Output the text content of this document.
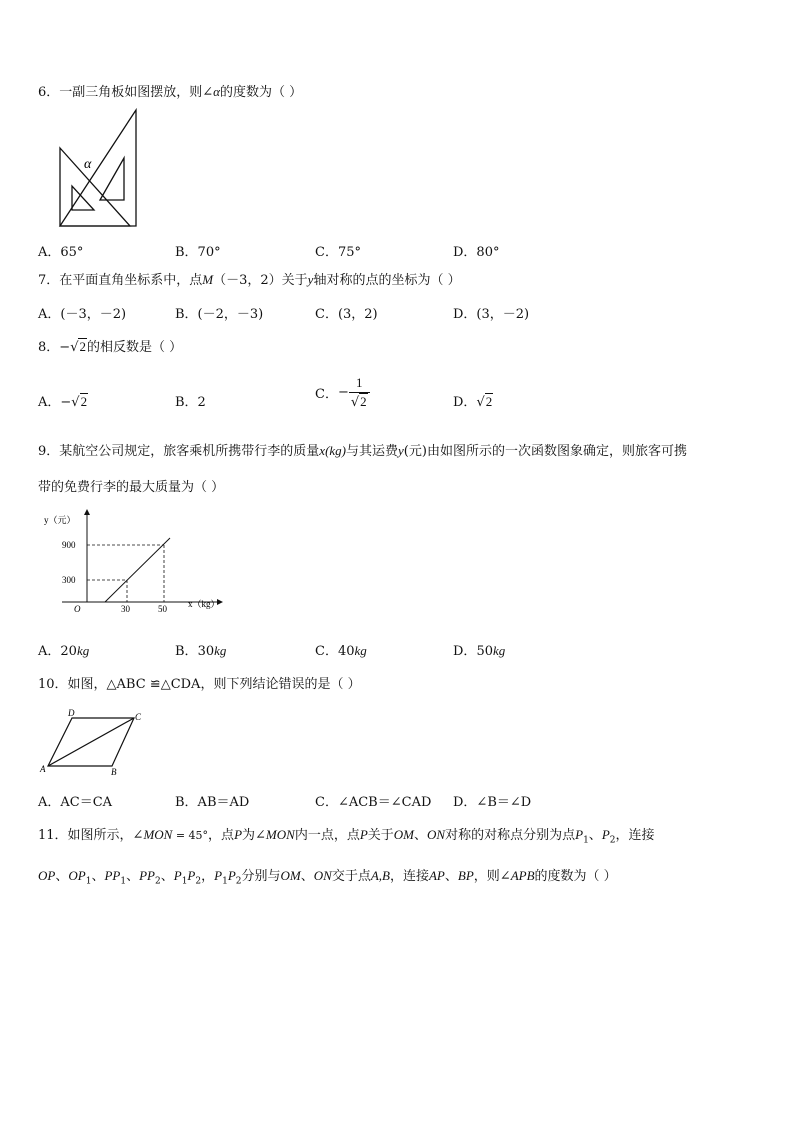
6．一副三角板如图摆放，则∠α的度数为（ ）
α
A．65°	B．70°	C．75°	D．80°
7．在平面直角坐标系中，点M（－3，2）关于y轴对称的点的坐标为（ ）
A．(－3，－2)	B．(－2，－3)	C．(3，2)	D．(3，－2)
8．−√2的相反数是（ ）
A．−√2	B．2
C．− $\frac{1}{√2}$	D．√2
9．某航空公司规定，旅客乘机所携带行李的质量x(kg)与其运费y(元)由如图所示的一次函数图象确定，则旅客可携
带的免费行李的最大质量为（ ）
y（元）
x（kg）
O
900
300
30	50
A．20kg	B．30kg	C．40kg	D．50kg
10．如图，△ABC ≌△CDA，则下列结论错误的是（ ）
A	B
C
D
A．AC＝CA	B．AB＝AD	C．∠ACB＝∠CAD D．∠B＝∠D
11．如图所示，∠MON = 45°，点P为∠MON内一点，点P关于OM、ON对称的对称点分别为点$P_1$、$P_2$，连接
OP、$OP_1$、$PP_1$、$PP_2$、$P_1P_2$，$P_1P_2$分别与OM、ON交于点A,B，连接AP、BP，则∠APB的度数为（ ）
